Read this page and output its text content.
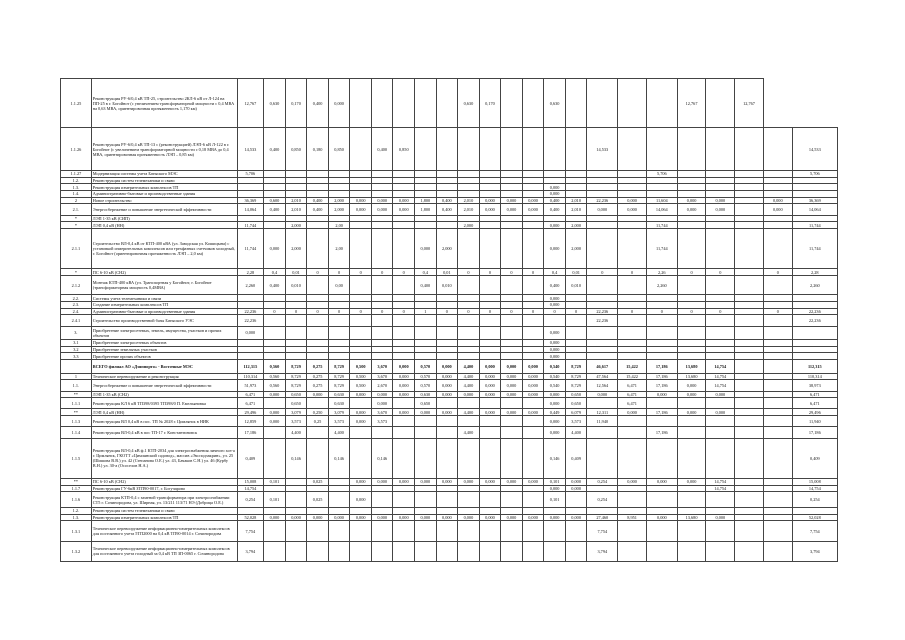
1.1.25	Реконструкция РУ-6/0,4 кВ ТП-25, строительство 2КЛ-6 кВ от Л-124 на ПП-25 в г. Богойнот (с увеличением трансформаторной мощности с 0,4 МВА на 0,63 МВА, ориентировочная протяженность 1,170 км)	12,767	0,630	0,170	0,400	0,000						0,630	0,170			0,630					12,767		12,767		
1.1.26	Реконструкция РУ-6/0,4 кВ ТП-13 с (реконструкцией) ЛЭП-6 кВ Л-122 в г. Богойнот (с увеличением трансформаторной мощности с 0,18 МВА до 0,4 МВА, ориентировочная протяженность ЛЭП – 0,85 км)	14,533	0,400	0,850	0,180	0,850		0,400	0,850									14,533							14,533
1.1.27	Модернизация системы учета Батыского МЭС	5,706																		5,706					5,706
1.2.	Реконструкция систем телемеханики и связи																								
1.3.	Реконструкция измерительных комплексов ТП															0,000									
1.4.	Административно-бытовые и производственные здания															0,000									
2	Новое строительство	36,369	0,600	2,010	0,400	2,000	0,000	0,000	0,000	1,800	0,400	2,010	0,000	0,000	0,000	0,400	2,010	22,236	0,000	11,604	0,000	0,000		0,000	36,369
2.1.	Энергосбережение и повышение энергетической эффективности	14,064	0,400	2,010	0,400	2,000	0,000	0,000	0,000	1,800	0,400	2,010	0,000	0,000	0,000	0,400	2,010	0,000	0,000	14,064	0,000	0,000		0,000	14,064
*	ЛЭП 1-35 кВ (СИП)																								
*	ЛЭП 0,4 кВ (НН)	11,744		2,000		2,00						2,000				0,000	2,000			11,744					11,744
2.1.1	Строительство ВЛ-0,4 кВ от КТП-400 кВА (ул. Заводская ул. Кошицына) с установкой измерительных комплексов или трехфазных счетчиков холодный, г. Богойнот (ориентировочная протяженность ЛЭП – 2,0 км)	11,744	0,000	2,000		2,00				0,000	2,000					0,000	2,000			11,744					11,744
*	ПС 6-10 кВ (СН2)	2,28	0,4	0,01	0	0	0	0	0	0,4	0,01	0	0	0	0	0,4	0,01	0	0	2,26	0	0		0	2,28
2.1.2	Монтаж КТП-400 кВА (ул. Транспортная у Богойнот, г. Богойнот (трансформаторная мощность 0,4МВА)	2,260	0,400	0,010		0,00				0,400	0,010					0,400	0,010			2,260					2,260
2.2.	Системы учета телемеханики и связи															0,000									
2.3.	Создание измерительных комплексов ТП															0,000									
2.4.	Административно-бытовые и производственные здания	22,236	0	0	0	0	0	0	0	1	0	0	0	0	0	0	0	22,236	0	0	0	0		0	22,236
2.4.1	Строительство производственной базы Батыского УЭС	22,236																22,236							22,236
3.	Приобретение электросетевых, земель, имущества, участков и прочих объектов	0,000														0,000									
3.1	Приобретение электросетевых объектов															0,000									
3.2	Приобретение земельных участков															0,000									
3.3	Приобретение прочих объектов															0,000									
	ВСЕГО филиал АО «Дзяппорто» - Восточные МЭС	112,315	0,560	8,729	0,275	8,729	0,500	3,670	0,000	0,570	0,000	4,400	0,000	0,000	0,000	0,540	8,729	46,617	15,422	17,186	13,680	14,754			112,315
1	Техническое перевооружение и реконструкция	110,314	0,560	8,729	0,275	8,729	0,500	3,670	0,000	0,570	0,000	4,400	0,000	0,000	0,000	0,540	8,729	47,564	15,422	17,186	13,680	14,754			110,314
1.1.	Энергосбережение и повышение энергетической эффективности	51,973	0,560	8,729	0,275	8,729	0,500	2,670	0,000	0,570	0,000	4,400	0,000	0,000	0,000	0,540	8,729	12,564	6,471	17,186	0,000	14,754			38,973
**	ЛЭП 1-35 кВ (СН2)	6,471	0,000	0,650	0,000	0,630	0,000	0,000	0,000	0,630	0,000	0,000	0,000	0,000	0,000	0,000	0,650	0,000	6,471	0,000	0,000	0,000			6,471
1.1.1	Реконструкция КЛ 6 кВ ТП398/0395 ТП398/0 П. Емельяновка	6,471		0,650		0,630		0,000		0,650						0,000	0,650		6,471						6,471
**	ЛЭП 0,4 кВ (НН)	29,496	0,000	3,079	0,250	3,079	0,000	3,670	0,000	0,000	0,000	4,400	0,000	0,000	0,000	0,449	6,079	12,311	0,000	17,186	0,000	0,000			29,496
1.1.3	Реконструкция ВЛ 0,4 кВ в пос. ТП № 2028 г. Цимлянск в НИК	12,859	0,000	3,573	0,25	3,573	0,000	3,573								0,000	3,573	11,940							11,940
1.1.4	Реконструкция ВЛ-0,4 кВ в пос ТП-17 г. Константиновск	17,186		4,400		4,400						4,400				0,000	4,400			17,186					17,186
1.1.5	Реконструкция ВЛ-0,4 кВ ф.1 КТП-2034 для электроснабжения личного хоз-а г. Цимлянск, ГКОТТ «Цимлянский садовод», массив «Эксподзакрин», ул. 25 (Шишова В.В.) ул. 42 (Степанова О.Е.) ул. 43, Бачаков С.Н.) ул. 46 (Курбу В.Н.) ул. 30-а (Ососелов Н.А.)	0,409		0,146		0,146		0,146								0,146	0,409								0,409
**	ПС 6-10 кВ (СН2)	15,008	0,101		0,025		0,000	0,000	0,000	0,000	0,000	0,000	0,000	0,000	0,000	0,101	0,000	0,254	0,000	0,000	0,000	14,754			15,008
1.1.7	Реконструкция ГУ-6кВ ЗТП90-0017, г. Богучарово	14,754														0,000	0,000					14,754			14,754
1.1.6	Реконструкция КТП-0,4 с заменой трансформатора при электроснабжении СТ5 г. Сочинородова, ул. Ширная, ул. 13/211 113/71 НЭ (Добрица О.Е.)	0,254	0,101		0,025		0,000									0,101		0,254							0,254
1.2.	Реконструкция систем телемеханики и связи																								
1.3.	Реконструкция измерительных комплексов ТП	52,028	0,000	0,000	0,000	0,000	0,000	0,000	0,000	0,000	0,000	0,000	0,000	0,000	0,000	0,000	0,000	27,460	8,951	0,000	13,680	0,000			52,028
1.3.1	Техническое перевооружение информационно-измерительных комплексов для постоянного учета 5ТП2000 на 0,4 кВ ТП90-0014 г. Сочинородова	7,754																7,754							7,754
1.3.2	Техническое перевооружение информационно-измерительных комплексов для постоянного учета голодный за 0,4 кВ ТП ЗП-0065 г. Сочинородова	3,794																3,794							3,794
